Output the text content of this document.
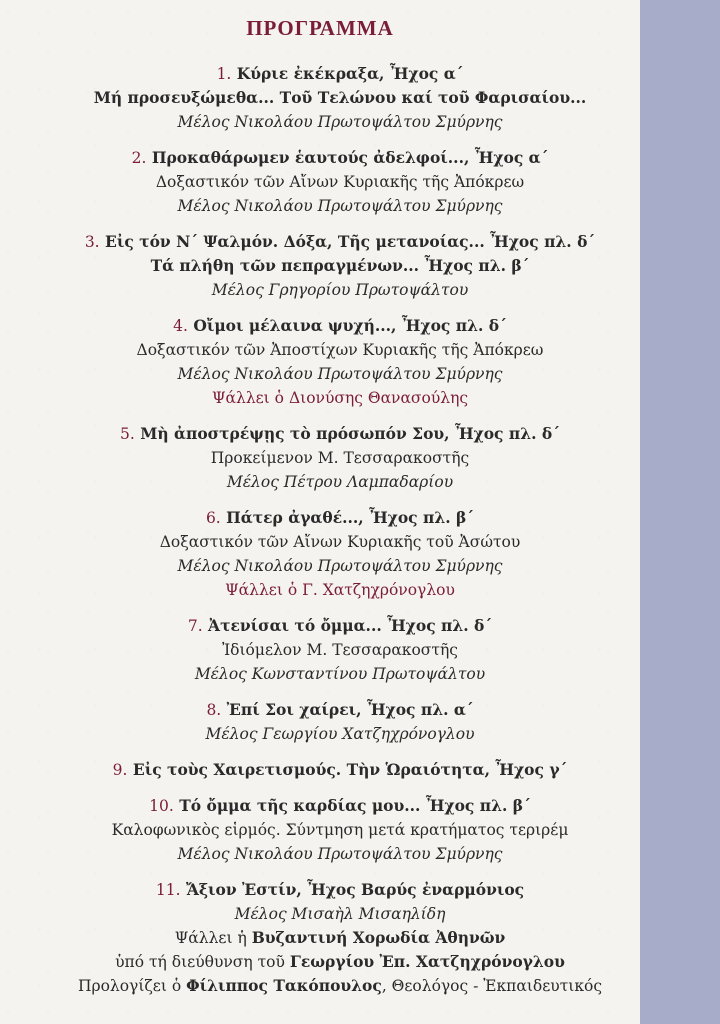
ΠΡΟΓΡΑΜΜΑ
1. Κύριε ἐκέκραξα, Ἦχος α΄
Μή προσευξώμεθα... Τοῦ Τελώνου καί τοῦ Φαρισαίου...
Μέλος Νικολάου Πρωτοψάλτου Σμύρνης
2. Προκαθάρωμεν ἑαυτούς ἀδελφοί..., Ἦχος α΄
Δοξαστικόν τῶν Αἴνων Κυριακῆς τῆς Ἀπόκρεω
Μέλος Νικολάου Πρωτοψάλτου Σμύρνης
3. Εἰς τόν Ν΄ Ψαλμόν. Δόξα, Τῆς μετανοίας... Ἦχος πλ. δ΄
Τά πλήθη τῶν πεπραγμένων... Ἦχος πλ. β΄
Μέλος Γρηγορίου Πρωτοψάλτου
4. Οἴμοι μέλαινα ψυχή..., Ἦχος πλ. δ΄
Δοξαστικόν τῶν Ἀποστίχων Κυριακῆς τῆς Ἀπόκρεω
Μέλος Νικολάου Πρωτοψάλτου Σμύρνης
Ψάλλει ὁ Διονύσης Θανασούλης
5. Μὴ ἀποστρέψῃς τὸ πρόσωπόν Σου, Ἦχος πλ. δ΄
Προκείμενον Μ. Τεσσαρακοστῆς
Μέλος Πέτρου Λαμπαδαρίου
6. Πάτερ ἀγαθέ..., Ἦχος πλ. β΄
Δοξαστικόν τῶν Αἴνων Κυριακῆς τοῦ Ἀσώτου
Μέλος Νικολάου Πρωτοψάλτου Σμύρνης
Ψάλλει ὁ Γ. Χατζηχρόνογλου
7. Ἀτενίσαι τό ὄμμα... Ἦχος πλ. δ΄
Ἰδιόμελον Μ. Τεσσαρακοστῆς
Μέλος Κωνσταντίνου Πρωτοψάλτου
8. Ἐπί Σοι χαίρει, Ἦχος πλ. α΄
Μέλος Γεωργίου Χατζηχρόνογλου
9. Εἰς τοὺς Χαιρετισμούς. Τὴν Ὡραιότητα, Ἦχος γ΄
10. Τό ὄμμα τῆς καρδίας μου... Ἦχος πλ. β΄
Καλοφωνικὸς εἱρμός. Σύντμηση μετά κρατήματος τεριρέμ
Μέλος Νικολάου Πρωτοψάλτου Σμύρνης
11. Ἄξιον Ἐστίν, Ἦχος Βαρύς ἐναρμόνιος
Μέλος Μισαὴλ Μισαηλίδη
Ψάλλει ἡ Βυζαντινή Χορωδία Ἀθηνῶν
ὑπό τή διεύθυνση τοῦ Γεωργίου Ἐπ. Χατζηχρόνογλου
Προλογίζει ὁ Φίλιππος Τακόπουλος, Θεολόγος - Ἐκπαιδευτικός
